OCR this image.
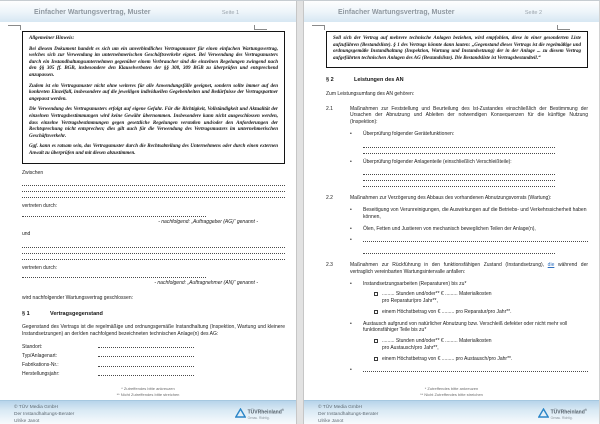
Einfacher Wartungsvertrag, Muster	Seite 1

Allgemeiner Hinweis:

Bei diesem Dokument handelt es sich um ein unverbindliches Vertragsmuster für einen einfachen Wartungsvertrag, welches sich zur Verwendung im unternehmerischen Geschäftsverkehr eignet. Bei Verwendung des Vertragsmusters durch ein Instandhaltungsunternehmen gegenüber einem Verbraucher sind die einzelnen Regelungen zwingend nach den §§ 305 ff. BGB, insbesondere den Klauselverboten der §§ 308, 309 BGB zu überprüfen und entsprechend anzupassen.

Zudem ist ein Vertragsmuster nicht ohne weiteres für alle Anwendungsfälle geeignet, sondern sollte immer auf den konkreten Einzelfall, insbesondere auf die jeweiligen individuellen Gegebenheiten und Bedürfnisse der Vertragspartner angepasst werden.

Die Verwendung des Vertragsmusters erfolgt auf eigene Gefahr. Für die Richtigkeit, Vollständigkeit und Aktualität der einzelnen Vertragsbestimmungen wird keine Gewähr übernommen. Insbesondere kann nicht ausgeschlossen werden, dass einzelne Vertragsbestimmungen gegen gesetzliche Regelungen verstoßen und/oder den Anforderungen der Rechtsprechung nicht entsprechen; dies gilt auch für die Verwendung des Vertragsmusters im unternehmerischen Geschäftsverkehr.

Ggf. kann es ratsam sein, das Vertragsmuster durch die Rechtsabteilung des Unternehmens oder durch einen externen Anwalt zu überprüfen und mit diesen abzustimmen.

Zwischen

vertreten durch:

- nachfolgend: „Auftraggeber (AG)“ genannt -

und

vertreten durch:

- nachfolgend: „Auftragnehmer (AN)“ genannt -

wird nachfolgender Wartungsvertrag geschlossen:

§ 1	Vertragsgegenstand

Gegenstand des Vertrags ist die regelmäßige und ordnungsgemäße Instandhaltung (Inspektion, Wartung und kleinere Instandsetzungen) an der/den nachfolgend bezeichneten technischen Anlage(n) des AG:

Standort:
Typ/Anlagenart:
Fabrikations-Nr.:
Herstellungsjahr:
* Zutreffendes bitte ankreuzen
** Nicht Zutreffendes bitte streichen
© TÜV Media GmbH
Der Instandhaltungs-Berater
Ulrike Janot
TÜVRheinland®
Genau. Richtig.
Einfacher Wartungsvertrag, Muster	Seite 2

Soll sich der Vertrag auf mehrere technische Anlagen beziehen, wird empfohlen, diese in einer gesonderten Liste aufzuführen (Bestandsliste). § 1 des Vertrags könnte dann lauten: „Gegenstand dieses Vertrags ist die regelmäßige und ordnungsgemäße Instandhaltung (Inspektion, Wartung und Instandsetzung) der in der Anlage ... zu diesem Vertrag aufgeführten technischen Anlagen des AG (Bestandsliste). Die Bestandsliste ist Vertragsbestandteil.“

§ 2	Leistungen des AN

Zum Leistungsumfang des AN gehören:

2.1	Maßnahmen zur Feststellung und Beurteilung des Ist-Zustandes einschließlich der Bestimmung der Ursachen der Abnutzung und Ableiten der notwendigen Konsequenzen für die künftige Nutzung (Inspektion):

•
Überprüfung folgender Gerätefunktionen:
•
Überprüfung folgender Anlagenteile (einschließlich Verschleißteile):
2.2	Maßnahmen zur Verzögerung des Abbaus des vorhandenen Abnutzungsvorrats (Wartung):

•
Beseitigung von Verunreinigungen, die Auswirkungen auf die Betriebs- und Verkehrssicherheit haben können,
•
Ölen, Fetten und Justieren von mechanisch beweglichen Teilen der Anlage(n),
•
2.3	Maßnahmen zur Rückführung in den funktionsfähigen Zustand (Instandsetzung), die während der vertraglich vereinbarten Wartungsintervalle anfallen:

•
Instandsetzungsarbeiten (Reparaturen) bis zu*
......... Stunden und/oder** € ......... Materialkosten
pro Reparatur/pro Jahr**,
einem Höchstbetrag von € ......... pro Reparatur/pro Jahr**.
•
Austausch aufgrund von natürlicher Abnutzung bzw. Verschleiß defekter oder nicht mehr voll funktionsfähiger Teile bis zu*
......... Stunden und/oder** € ......... Materialkosten
pro Austausch/pro Jahr**,
einem Höchstbetrag von € ......... pro Austausch/pro Jahr**.
•
* Zutreffendes bitte ankreuzen
** Nicht Zutreffendes bitte streichen
© TÜV Media GmbH
Der Instandhaltungs-Berater
Ulrike Janot
TÜVRheinland®
Genau. Richtig.
